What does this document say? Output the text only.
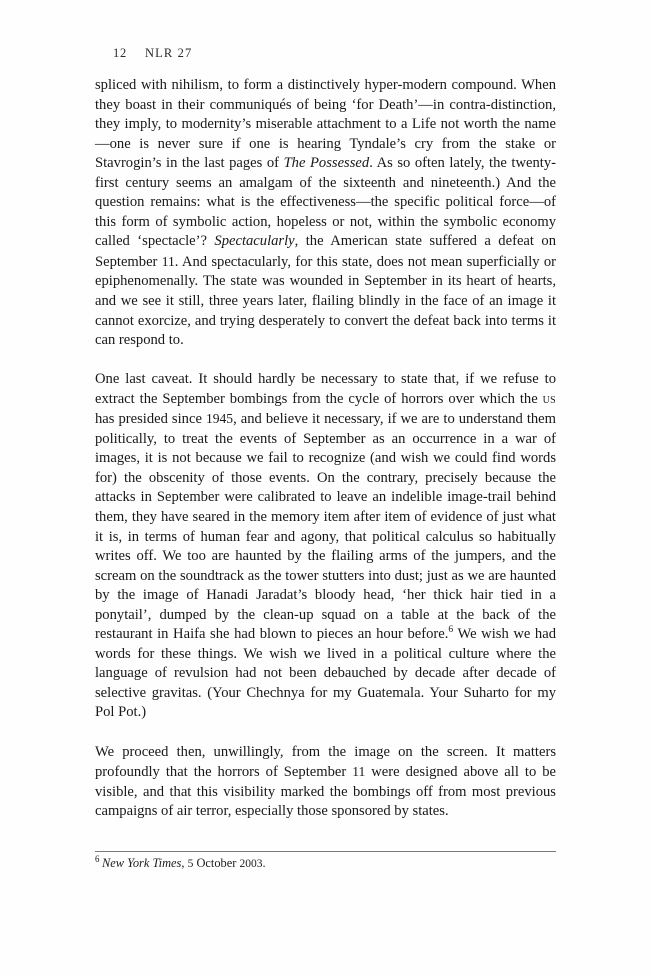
12 NLR 27

spliced with nihilism, to form a distinctively hyper-modern compound. When they boast in their communiqués of being ‘for Death’—in contra-distinction, they imply, to modernity’s miserable attachment to a Life not worth the name—one is never sure if one is hearing Tyndale’s cry from the stake or Stavrogin’s in the last pages of The Possessed. As so often lately, the twenty-first century seems an amalgam of the sixteenth and nineteenth.) And the question remains: what is the effectiveness—the specific political force—of this form of symbolic action, hopeless or not, within the symbolic economy called ‘spectacle’? Spectacularly, the American state suffered a defeat on September 11. And spectacularly, for this state, does not mean superficially or epiphenomenally. The state was wounded in September in its heart of hearts, and we see it still, three years later, flailing blindly in the face of an image it cannot exorcize, and trying desperately to convert the defeat back into terms it can respond to.

One last caveat. It should hardly be necessary to state that, if we refuse to extract the September bombings from the cycle of horrors over which the us has presided since 1945, and believe it necessary, if we are to understand them politically, to treat the events of September as an occurrence in a war of images, it is not because we fail to recognize (and wish we could find words for) the obscenity of those events. On the contrary, precisely because the attacks in September were calibrated to leave an indelible image-trail behind them, they have seared in the memory item after item of evidence of just what it is, in terms of human fear and agony, that political calculus so habitually writes off. We too are haunted by the flailing arms of the jumpers, and the scream on the soundtrack as the tower stutters into dust; just as we are haunted by the image of Hanadi Jaradat’s bloody head, ‘her thick hair tied in a ponytail’, dumped by the clean-up squad on a table at the back of the restaurant in Haifa she had blown to pieces an hour before.$^6$ We wish we had words for these things. We wish we lived in a political culture where the language of revulsion had not been debauched by decade after decade of selective gravitas. (Your Chechnya for my Guatemala. Your Suharto for my Pol Pot.)

We proceed then, unwillingly, from the image on the screen. It matters profoundly that the horrors of September 11 were designed above all to be visible, and that this visibility marked the bombings off from most previous campaigns of air terror, especially those sponsored by states.

$^6$ New York Times, 5 October 2003.
